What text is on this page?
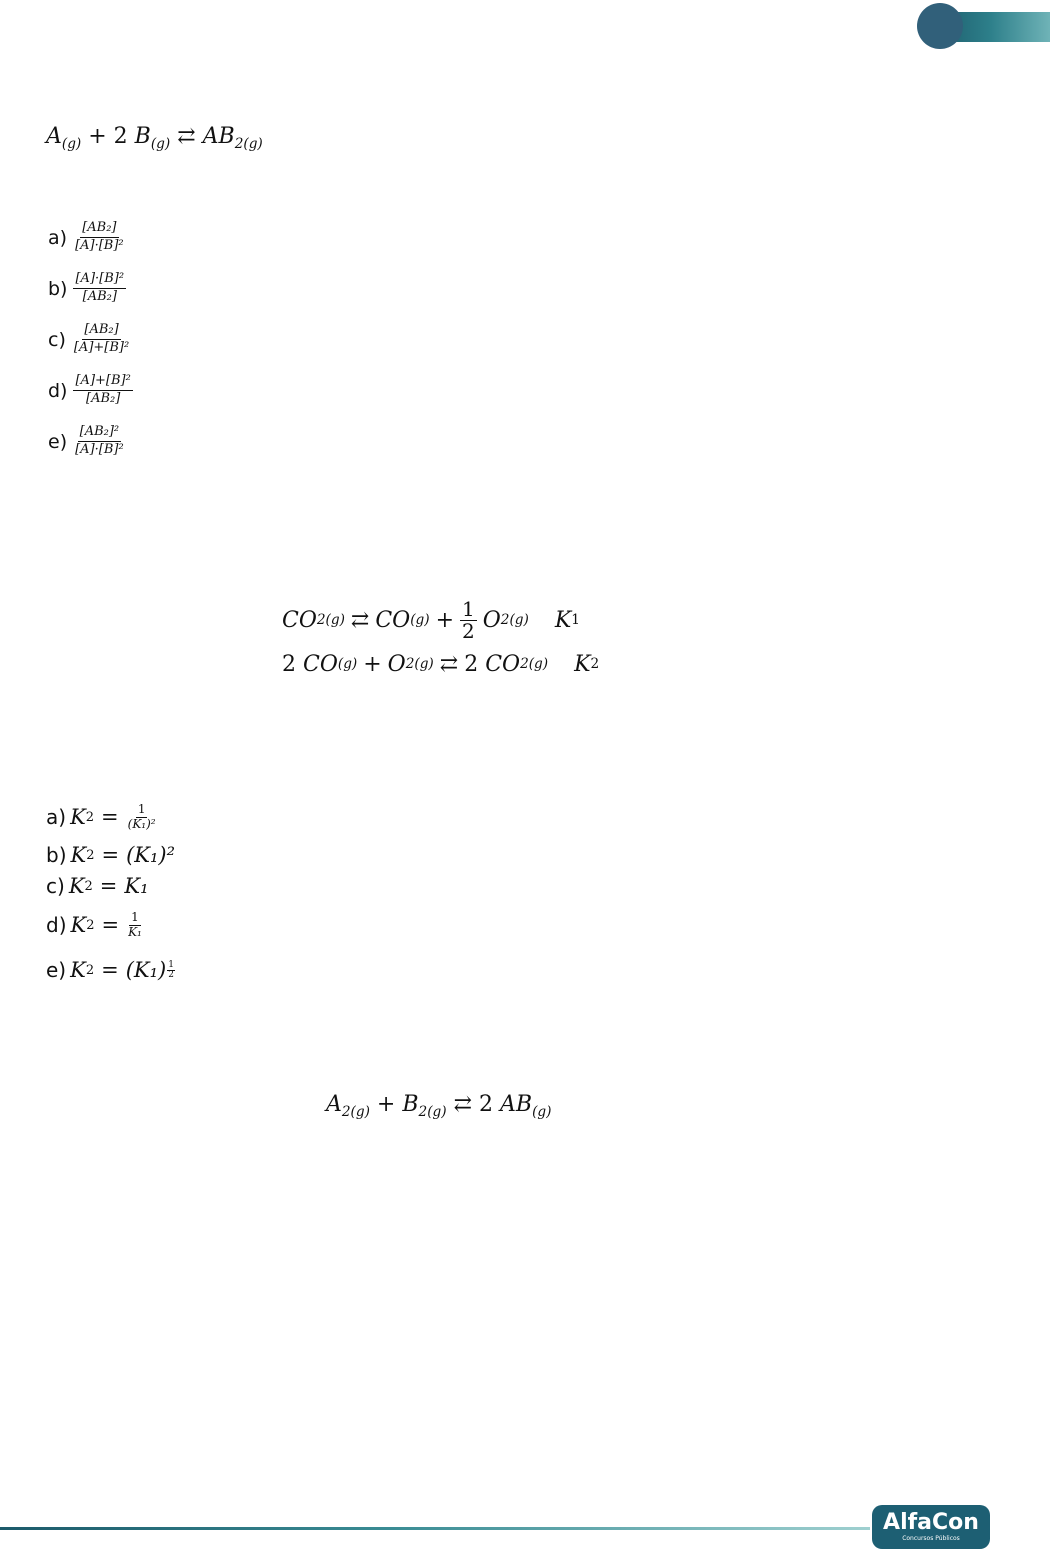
$A_{(g)} + 2$ $B_{(g)}$ ⇄ $AB_{2(g)}$
$a) \frac{\text{[AB₂]}}{\text{[A]·[B]²}}$
$b) \frac{\text{[A]·[B]²}}{\text{[AB₂]}}$
$c) \frac{\text{[AB₂]}}{\text{[A]+[B]²}}$
$d) \frac{\text{[A]+[B]²}}{\text{[AB₂]}}$
$e) \frac{\text{[AB₂]²}}{\text{[A]·[B]²}}$
CO 2(g) ⇄ CO $(g) + \frac{1}{2}$ O 2(g) K 1
2
CO (g) + O 2(g) ⇄ 2
CO 2(g) K 2
a) K $2 = \frac{1}{\text{(K₁)²}}$
b) K 2 = (K₁)²
c) K 2 = K₁
d) K $2 = \frac{1}{\text{K₁}}$
e) K $2 = (K_1) \frac{1}{2}$
$A_{2(g)} + B_{2(g)}$ ⇄ 2 $AB_{(g)}$
AlfaCon
Concursos Públicos
